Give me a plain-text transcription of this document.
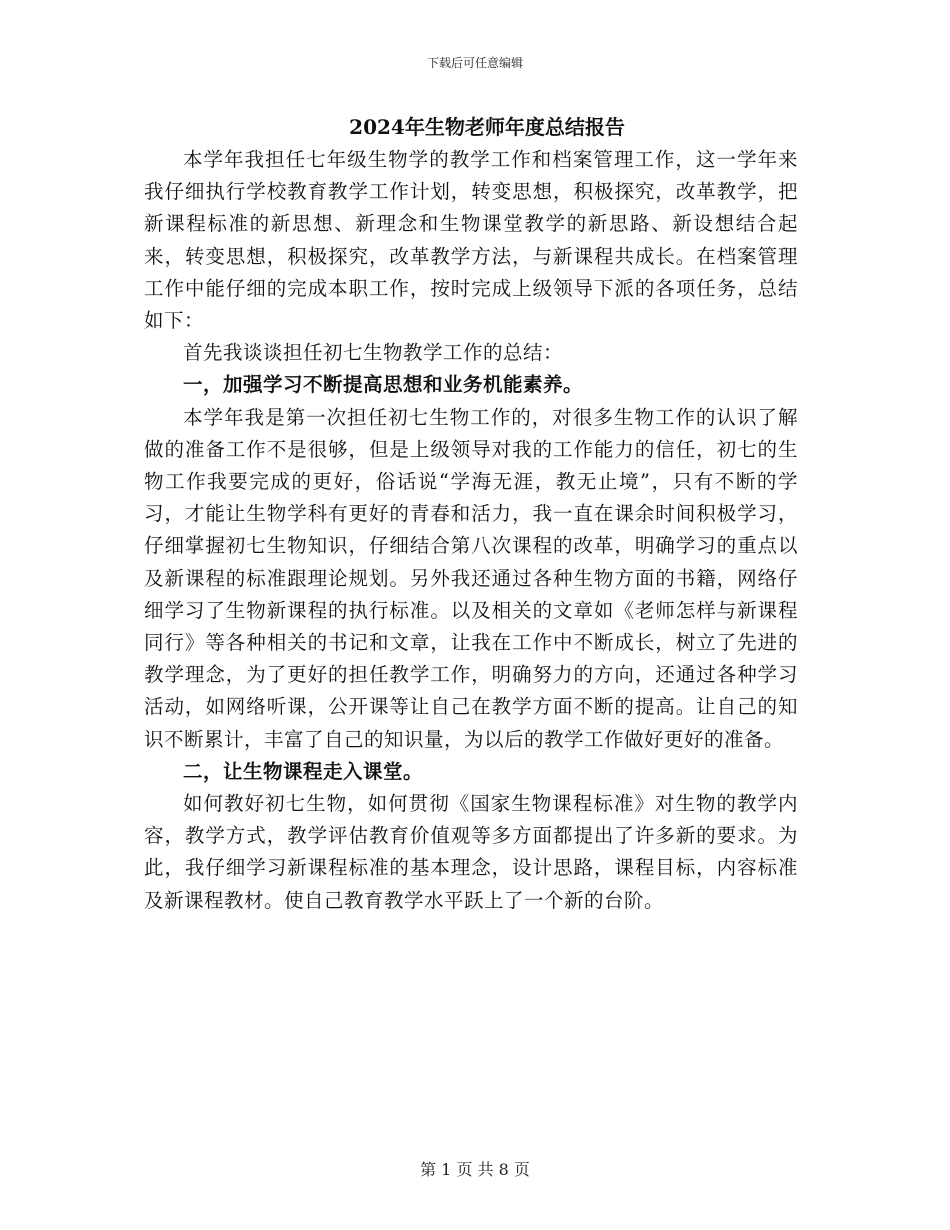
下载后可任意编辑
2024年生物老师年度总结报告

本学年我担任七年级生物学的教学工作和档案管理工作，这一学年来我仔细执行学校教育教学工作计划，转变思想，积极探究，改革教学，把新课程标准的新思想、新理念和生物课堂教学的新思路、新设想结合起来，转变思想，积极探究，改革教学方法，与新课程共成长。在档案管理工作中能仔细的完成本职工作，按时完成上级领导下派的各项任务，总结如下：

首先我谈谈担任初七生物教学工作的总结：

一，加强学习不断提高思想和业务机能素养。

本学年我是第一次担任初七生物工作的，对很多生物工作的认识了解做的准备工作不是很够，但是上级领导对我的工作能力的信任，初七的生物工作我要完成的更好，俗话说“学海无涯，教无止境”，只有不断的学习，才能让生物学科有更好的青春和活力，我一直在课余时间积极学习，仔细掌握初七生物知识，仔细结合第八次课程的改革，明确学习的重点以及新课程的标准跟理论规划。另外我还通过各种生物方面的书籍，网络仔细学习了生物新课程的执行标准。以及相关的文章如《老师怎样与新课程同行》等各种相关的书记和文章，让我在工作中不断成长，树立了先进的教学理念，为了更好的担任教学工作，明确努力的方向，还通过各种学习活动，如网络听课，公开课等让自己在教学方面不断的提高。让自己的知识不断累计，丰富了自己的知识量，为以后的教学工作做好更好的准备。

二，让生物课程走入课堂。

如何教好初七生物，如何贯彻《国家生物课程标准》对生物的教学内容，教学方式，教学评估教育价值观等多方面都提出了许多新的要求。为此，我仔细学习新课程标准的基本理念，设计思路，课程目标，内容标准及新课程教材。使自己教育教学水平跃上了一个新的台阶。

第 1 页 共 8 页
